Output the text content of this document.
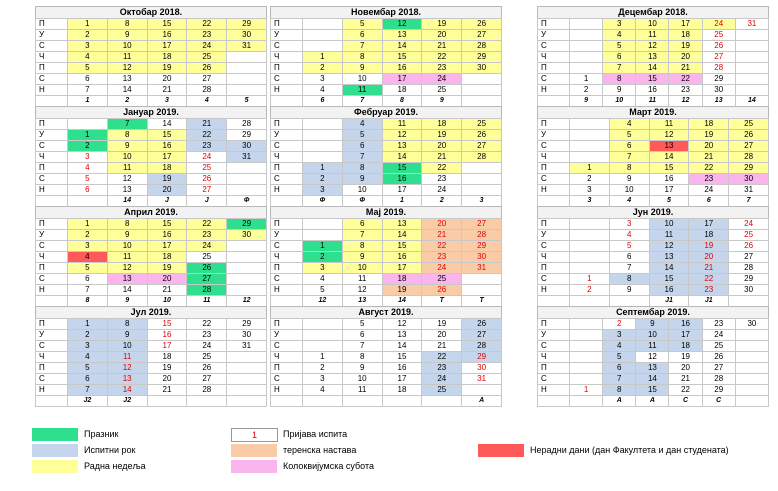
Октобар 2018.
П	1	8	15	22	29
У	2	9	16	23	30
С	3	10	17	24	31
Ч	4	11	18	25	
П	5	12	19	26	
С	6	13	20	27	
Н	7	14	21	28	
	1	2	3	4	5
Новембар 2018.
П		5	12	19	26
У		6	13	20	27
С		7	14	21	28
Ч	1	8	15	22	29
П	2	9	16	23	30
С	3	10	17	24	
Н	4	11	18	25	
	6	7	8	9	
Децембар 2018.
П		3	10	17	24	31
У		4	11	18	25	
С		5	12	19	26	
Ч		6	13	20	27	
П		7	14	21	28	
С	1	8	15	22	29	
Н	2	9	16	23	30	
	9	10	11	12	13	14
Јануар 2019.
П		7	14	21	28
У	1	8	15	22	29
С	2	9	16	23	30
Ч	3	10	17	24	31
П	4	11	18	25	
С	5	12	19	26	
Н	6	13	20	27	
		14	Ј	Ј	Ф
Фебруар 2019.
П		4	11	18	25
У		5	12	19	26
С		6	13	20	27
Ч		7	14	21	28
П	1	8	15	22	
С	2	9	16	23	
Н	3	10	17	24	
	Ф	Ф	1	2	3
Март 2019.
П		4	11	18	25
У		5	12	19	26
С		6	13	20	27
Ч		7	14	21	28
П	1	8	15	22	29
С	2	9	16	23	30
Н	3	10	17	24	31
	3	4	5	6	7
Април 2019.
П	1	8	15	22	29
У	2	9	16	23	30
С	3	10	17	24	
Ч	4	11	18	25	
П	5	12	19	26	
С	6	13	20	27	
Н	7	14	21	28	
	8	9	10	11	12
Мај 2019.
П		6	13	20	27
У		7	14	21	28
С	1	8	15	22	29
Ч	2	9	16	23	30
П	3	10	17	24	31
С	4	11	18	25	
Н	5	12	19	26	
	12	13	14	Т	Т
Јун 2019.
П		3	10	17	24
У		4	11	18	25
С		5	12	19	26
Ч		6	13	20	27
П		7	14	21	28
С	1	8	15	22	29
Н	2	9	16	23	30
			Ј1	Ј1	
Јул 2019.
П	1	8	15	22	29
У	2	9	16	23	30
С	3	10	17	24	31
Ч	4	11	18	25	
П	5	12	19	26	
С	6	13	20	27	
Н	7	14	21	28	
	Ј2	Ј2			
Август 2019.
П		5	12	19	26
У		6	13	20	27
С		7	14	21	28
Ч	1	8	15	22	29
П	2	9	16	23	30
С	3	10	17	24	31
Н	4	11	18	25	
					А
Септембар 2019.
П		2	9	16	23	30
У		3	10	17	24	
С		4	11	18	25	
Ч		5	12	19	26	
П		6	13	20	27	
С		7	14	21	28	
Н	1	8	15	22	29	
		А	А	С	С	
Празник
Испитни рок
Радна недеља
1	Пријава испита
теренска настава
Колоквијумска субота
Нерадни дани (дан Факултета и дан студената)
